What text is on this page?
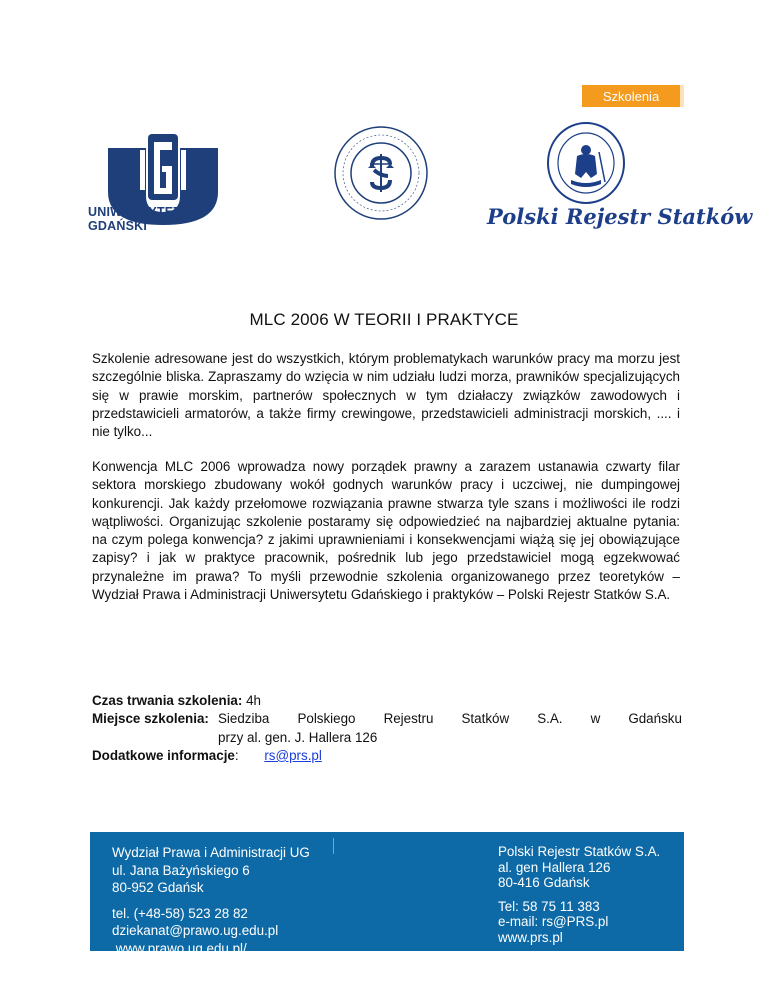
Szkolenia
UNIWERSYTET GDAŃSKI	Polski Rejestr Statków
MLC 2006 W TEORII I PRAKTYCE
Szkolenie adresowane jest do wszystkich, którym problematykach warunków pracy ma morzu jest szczególnie bliska. Zapraszamy do wzięcia w nim udziału ludzi morza, prawników specjalizujących się w prawie morskim, partnerów społecznych w tym działaczy związków zawodowych i przedstawicieli armatorów, a także firmy crewingowe, przedstawicieli administracji morskich, .... i nie tylko...
Konwencja MLC 2006 wprowadza nowy porządek prawny a zarazem ustanawia czwarty filar sektora morskiego zbudowany wokół godnych warunków pracy i uczciwej, nie dumpingowej konkurencji. Jak każdy przełomowe rozwiązania prawne stwarza tyle szans i możliwości ile rodzi wątpliwości. Organizując szkolenie postaramy się odpowiedzieć na najbardziej aktualne pytania: na czym polega konwencja? z jakimi uprawnieniami i konsekwencjami wiążą się jej obowiązujące zapisy? i jak w praktyce pracownik, pośrednik lub jego przedstawiciel mogą egzekwować przynależne im prawa? To myśli przewodnie szkolenia organizowanego przez teoretyków – Wydział Prawa i Administracji Uniwersytetu Gdańskiego i praktyków – Polski Rejestr Statków S.A.
Czas trwania szkolenia: 4h
Miejsce szkolenia: Siedziba Polskiego Rejestru Statków S.A. w Gdańsku
przy al. gen. J. Hallera 126
Dodatkowe informacje: rs@prs.pl
Wydział Prawa i Administracji UG
ul. Jana Bażyńskiego 6
80-952 Gdańsk
tel. (+48-58) 523 28 82
dziekanat@prawo.ug.edu.pl
www.prawo.ug.edu.pl/
Polski Rejestr Statków S.A.
al. gen Hallera 126
80-416 Gdańsk
Tel: 58 75 11 383
e-mail: rs@PRS.pl
www.prs.pl
